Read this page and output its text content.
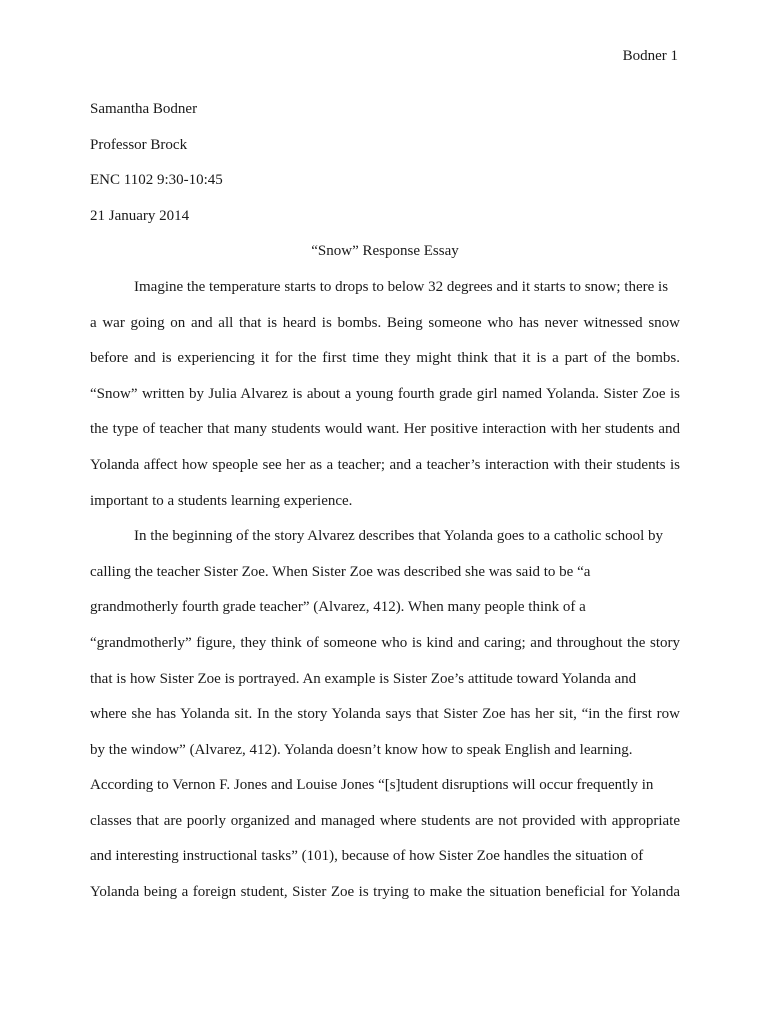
Bodner 1
Samantha Bodner
Professor Brock
ENC 1102 9:30-10:45
21 January 2014
“Snow” Response Essay
Imagine the temperature starts to drops to below 32 degrees and it starts to snow; there is
a war going on and all that is heard is bombs. Being someone who has never witnessed snow
before and is experiencing it for the first time they might think that it is a part of the bombs.
“Snow” written by Julia Alvarez is about a young fourth grade girl named Yolanda. Sister Zoe is
the type of teacher that many students would want. Her positive interaction with her students and
Yolanda affect how speople see her as a teacher; and a teacher’s interaction with their students is
important to a students learning experience.
In the beginning of the story Alvarez describes that Yolanda goes to a catholic school by
calling the teacher Sister Zoe. When Sister Zoe was described she was said to be “a
grandmotherly fourth grade teacher” (Alvarez, 412). When many people think of a
“grandmotherly” figure, they think of someone who is kind and caring; and throughout the story
that is how Sister Zoe is portrayed. An example is Sister Zoe’s attitude toward Yolanda and
where she has Yolanda sit. In the story Yolanda says that Sister Zoe has her sit, “in the first row
by the window” (Alvarez, 412). Yolanda doesn’t know how to speak English and learning.
According to Vernon F. Jones and Louise Jones “[s]tudent disruptions will occur frequently in
classes that are poorly organized and managed where students are not provided with appropriate
and interesting instructional tasks” (101), because of how Sister Zoe handles the situation of
Yolanda being a foreign student, Sister Zoe is trying to make the situation beneficial for Yolanda
